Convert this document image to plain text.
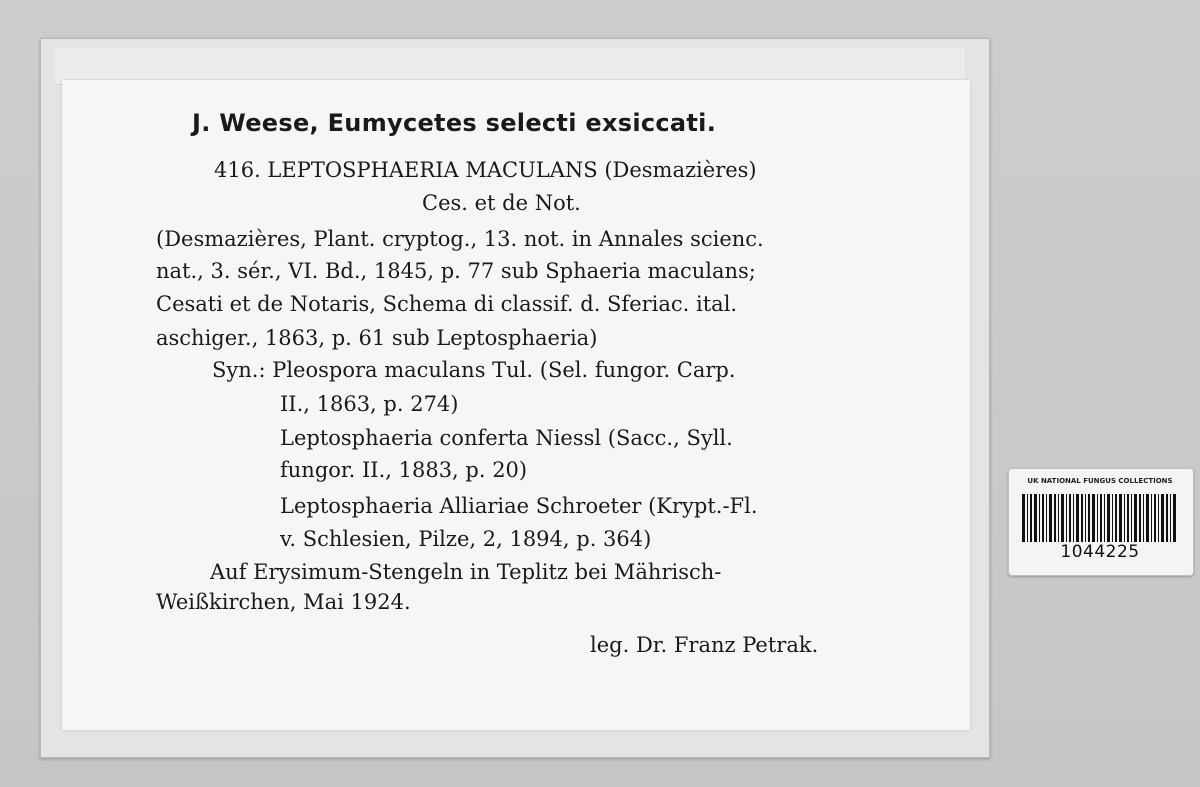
J. Weese, Eumycetes selecti exsiccati.
416. LEPTOSPHAERIA MACULANS (Desmazières)
Ces. et de Not.
(Desmazières, Plant. cryptog., 13. not. in Annales scienc.
nat., 3. sér., VI. Bd., 1845, p. 77 sub Sphaeria maculans;
Cesati et de Notaris, Schema di classif. d. Sferiac. ital.
aschiger., 1863, p. 61 sub Leptosphaeria)
Syn.: Pleospora maculans Tul. (Sel. fungor. Carp.
II., 1863, p. 274)
Leptosphaeria conferta Niessl (Sacc., Syll.
fungor. II., 1883, p. 20)
Leptosphaeria Alliariae Schroeter (Krypt.-Fl.
v. Schlesien, Pilze, 2, 1894, p. 364)
Auf Erysimum-Stengeln in Teplitz bei Mährisch-
Weißkirchen, Mai 1924.
leg. Dr. Franz Petrak.
UK NATIONAL FUNGUS COLLECTIONS
1044225
